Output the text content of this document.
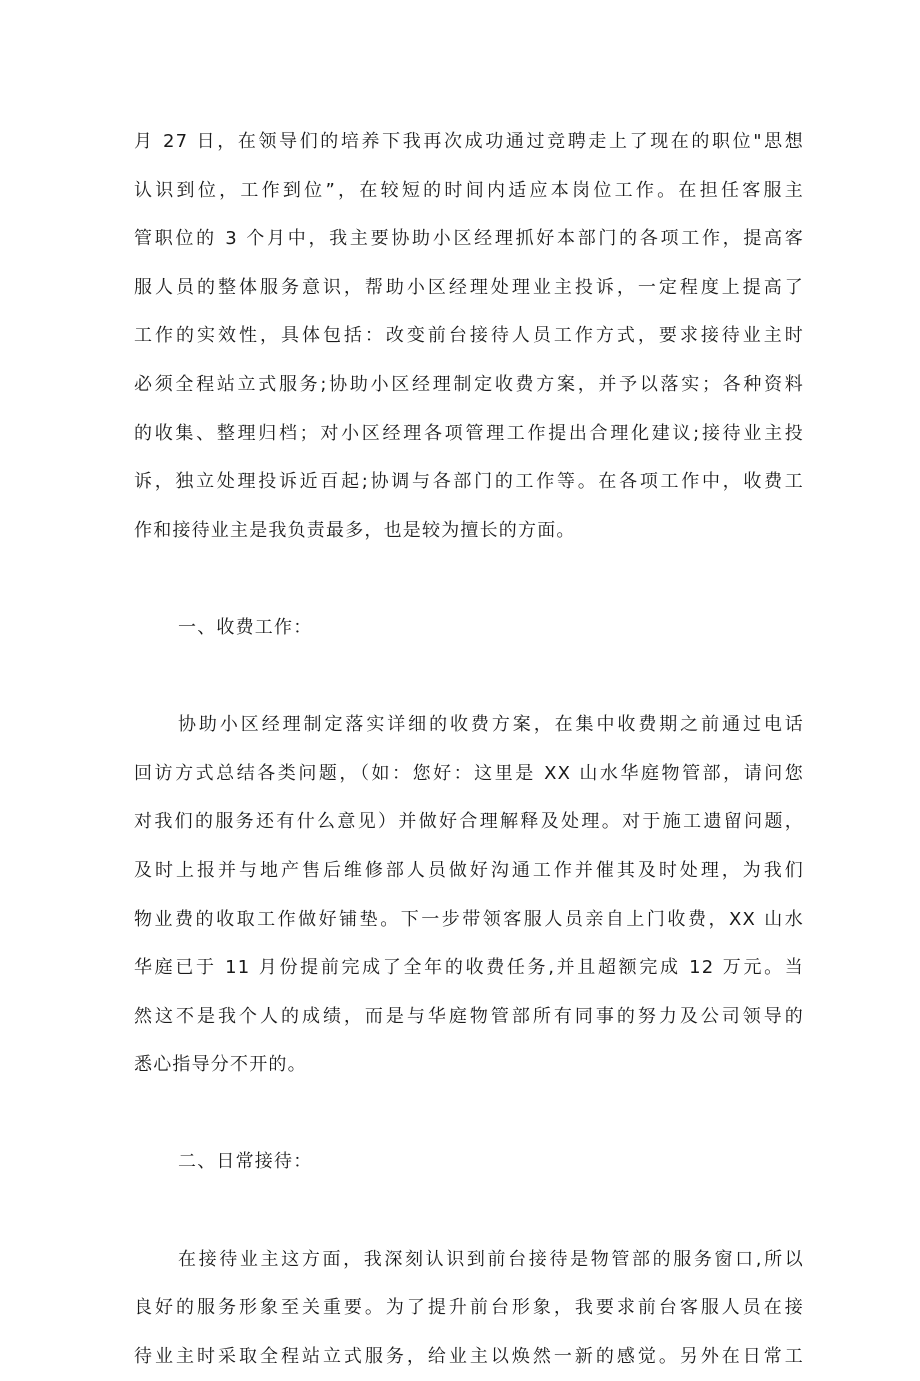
月 27 日，在领导们的培养下我再次成功通过竞聘走上了现在的职位"思想
认识到位，工作到位”，在较短的时间内适应本岗位工作。在担任客服主
管职位的 3 个月中，我主要协助小区经理抓好本部门的各项工作，提高客
服人员的整体服务意识，帮助小区经理处理业主投诉，一定程度上提高了
工作的实效性，具体包括：改变前台接待人员工作方式，要求接待业主时
必须全程站立式服务;协助小区经理制定收费方案，并予以落实；各种资料
的收集、整理归档；对小区经理各项管理工作提出合理化建议;接待业主投
诉，独立处理投诉近百起;协调与各部门的工作等。在各项工作中，收费工
作和接待业主是我负责最多，也是较为擅长的方面。
一、收费工作：
协助小区经理制定落实详细的收费方案，在集中收费期之前通过电话
回访方式总结各类问题，（如：您好：这里是 XX 山水华庭物管部，请问您
对我们的服务还有什么意见）并做好合理解释及处理。对于施工遗留问题，
及时上报并与地产售后维修部人员做好沟通工作并催其及时处理，为我们
物业费的收取工作做好铺垫。下一步带领客服人员亲自上门收费，XX 山水
华庭已于 11 月份提前完成了全年的收费任务,并且超额完成 12 万元。当
然这不是我个人的成绩，而是与华庭物管部所有同事的努力及公司领导的
悉心指导分不开的。
二、日常接待：
在接待业主这方面，我深刻认识到前台接待是物管部的服务窗口,所以
良好的服务形象至关重要。为了提升前台形象，我要求前台客服人员在接
待业主时采取全程站立式服务，给业主以焕然一新的感觉。另外在日常工
